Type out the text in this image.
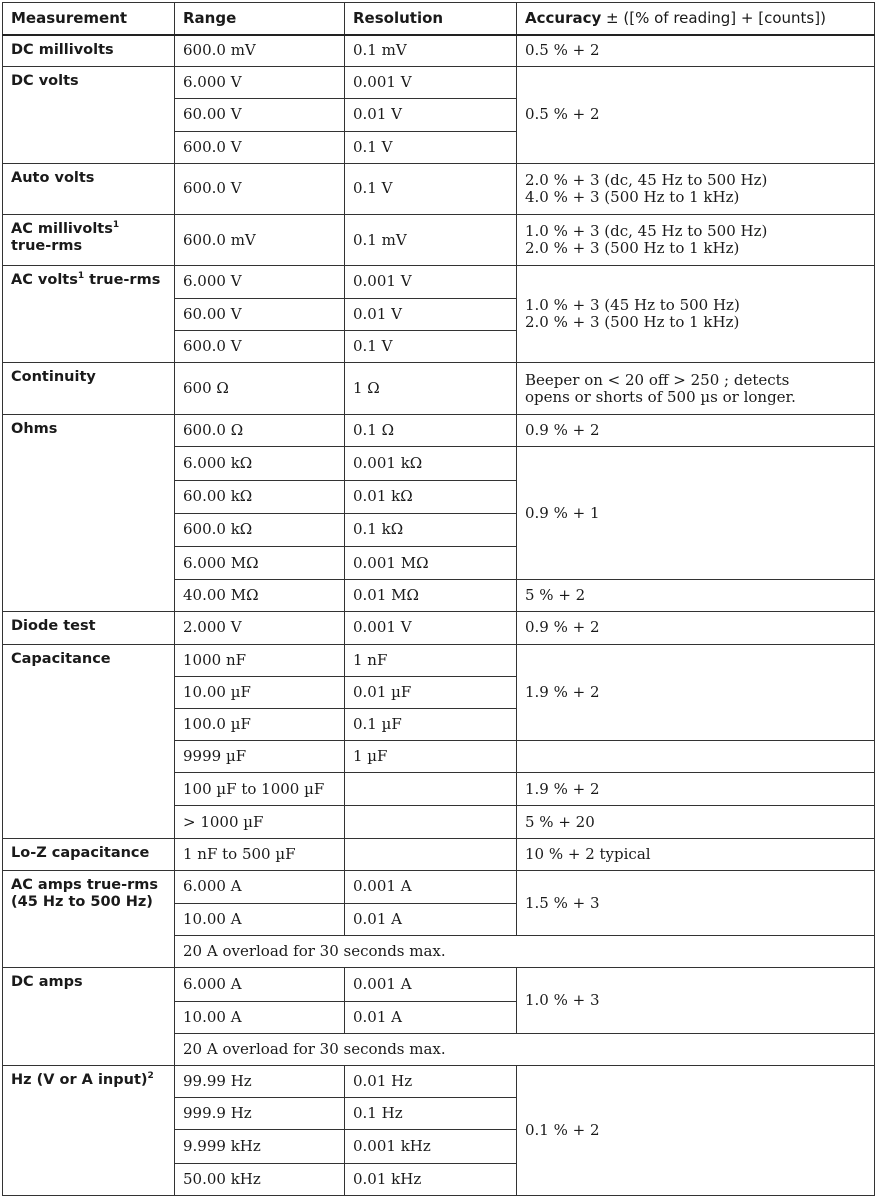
Measurement	Range	Resolution	Accuracy ± ([% of reading] + [counts])
DC millivolts	600.0 mV	0.1 mV	0.5 % + 2
DC volts	6.000 V	0.001 V	0.5 % + 2
	60.00 V	0.01 V	
	600.0 V	0.1 V	
Auto volts	600.0 V	0.1 V	2.0 % + 3 (dc, 45 Hz to 500 Hz)
4.0 % + 3 (500 Hz to 1 kHz)

AC millivolts$^1$
true-rms	600.0 mV	0.1 mV	1.0 % + 3 (dc, 45 Hz to 500 Hz)
2.0 % + 3 (500 Hz to 1 kHz)

AC volts$^1$ true-rms	6.000 V	0.001 V	1.0 % + 3 (45 Hz to 500 Hz)
2.0 % + 3 (500 Hz to 1 kHz)

	60.00 V	0.01 V	
	600.0 V	0.1 V	
Continuity	600 Ω	1 Ω	Beeper on < 20 off > 250 ; detects
opens or shorts of 500 µs or longer.

Ohms	600.0 Ω	0.1 Ω	0.9 % + 2
	6.000 kΩ	0.001 kΩ	0.9 % + 1
	60.00 kΩ	0.01 kΩ	
	600.0 kΩ	0.1 kΩ	
	6.000 MΩ	0.001 MΩ	
	40.00 MΩ	0.01 MΩ	5 % + 2
Diode test	2.000 V	0.001 V	0.9 % + 2
Capacitance	1000 nF	1 nF	1.9 % + 2
	10.00 µF	0.01 µF	
	100.0 µF	0.1 µF	
	9999 µF	1 µF	
	100 µF to 1000 µF		1.9 % + 2
	> 1000 µF		5 % + 20
Lo-Z capacitance	1 nF to 500 µF		10 % + 2 typical
AC amps true-rms
(45 Hz to 500 Hz)	6.000 A	0.001 A	1.5 % + 3
	10.00 A	0.01 A	
	20 A overload for 30 seconds max.		
DC amps	6.000 A	0.001 A	1.0 % + 3
	10.00 A	0.01 A	
	20 A overload for 30 seconds max.		
Hz (V or A input)$^2$	99.99 Hz	0.01 Hz	0.1 % + 2
	999.9 Hz	0.1 Hz	
	9.999 kHz	0.001 kHz	
	50.00 kHz	0.01 kHz	
